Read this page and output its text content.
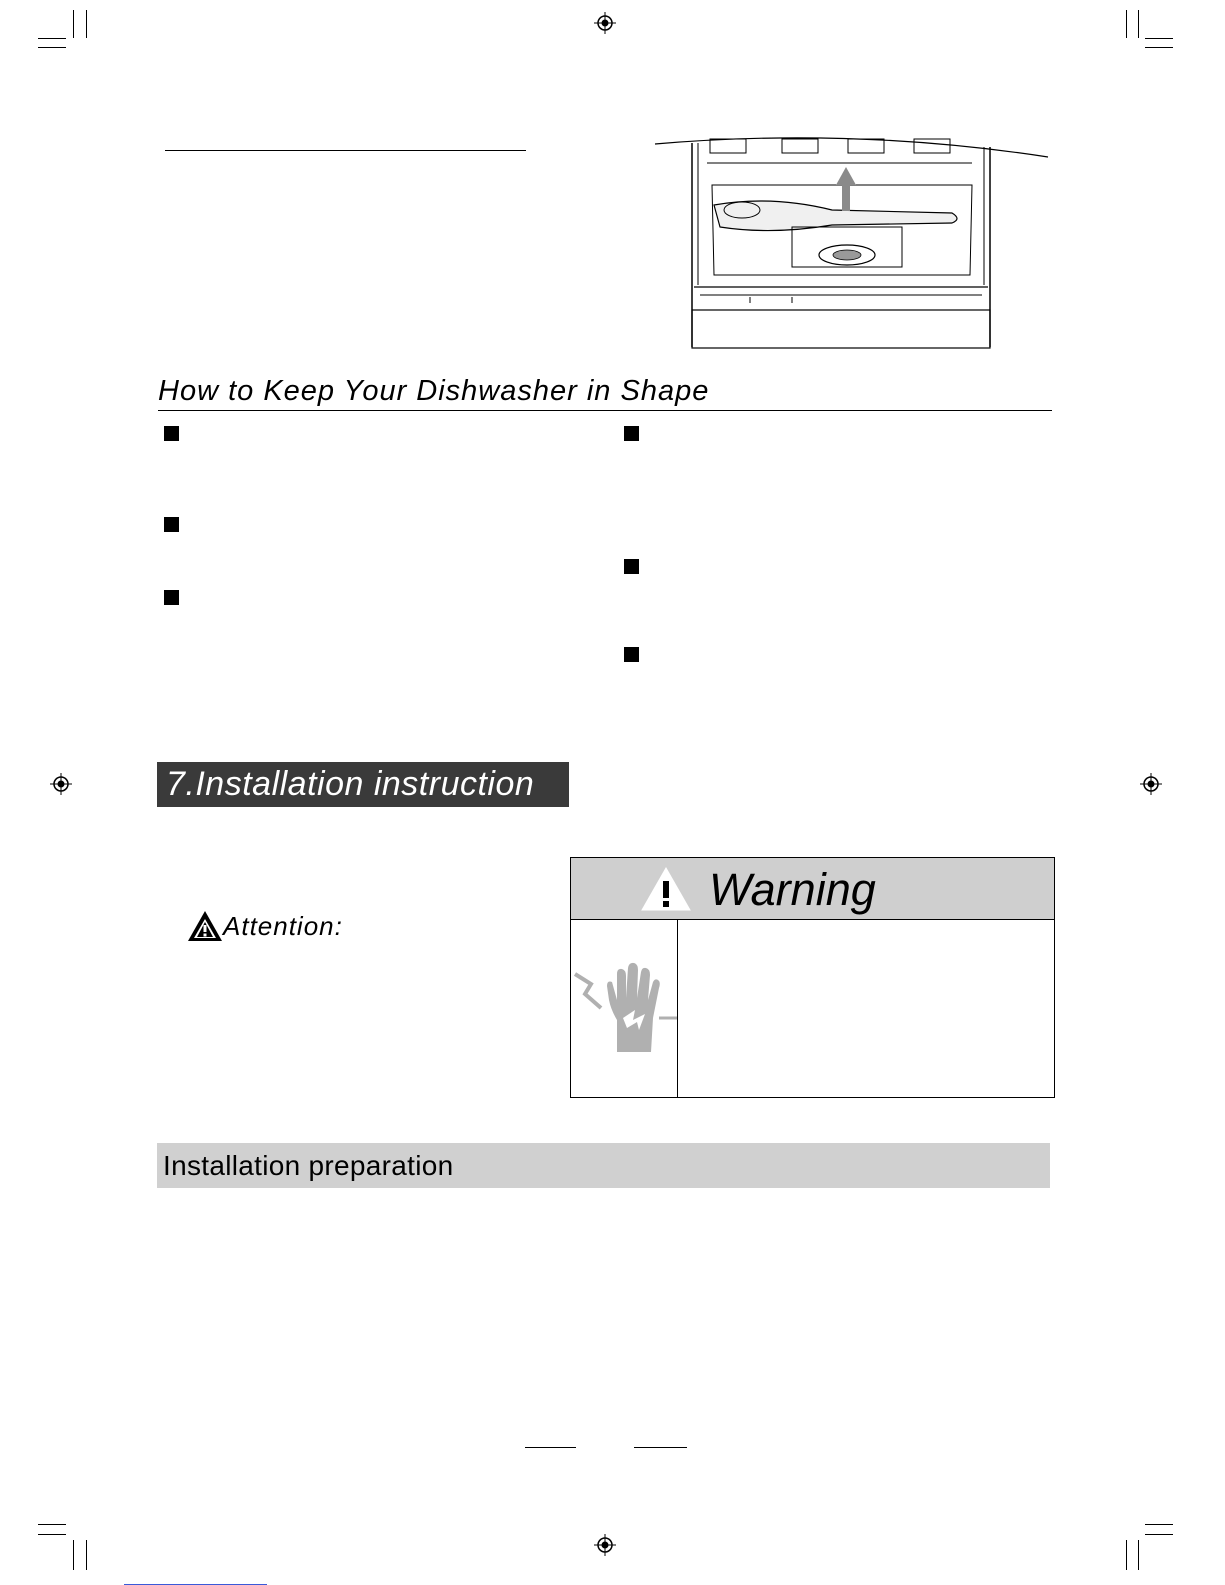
How to Keep Your Dishwasher in Shape
7.Installation instruction
Attention:
Warning
Installation preparation
